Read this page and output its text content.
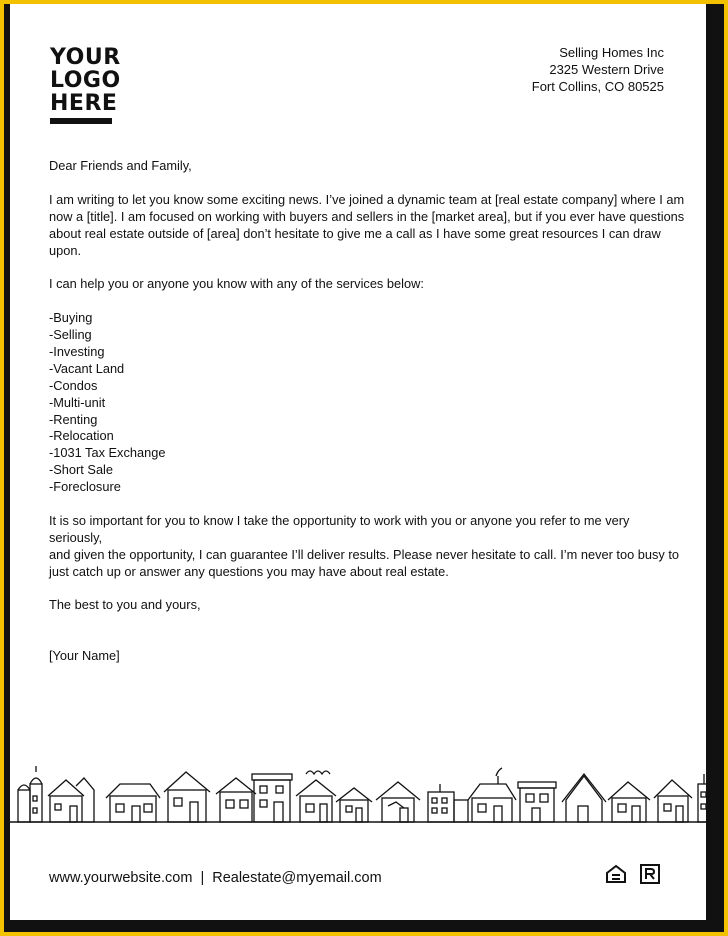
YOUR
LOGO
HERE
Selling Homes Inc
2325 Western Drive
Fort Collins, CO 80525

Dear Friends and Family,

I am writing to let you know some exciting news. I’ve joined a dynamic team at [real estate company] where I am now a [title]. I am focused on working with buyers and sellers in the [market area], but if you ever have questions about real estate outside of [area] don’t hesitate to give me a call as I have some great resources I can draw upon.

I can help you or anyone you know with any of the services below:

-Buying
-Selling
-Investing
-Vacant Land
-Condos
-Multi-unit
-Renting
-Relocation
-1031 Tax Exchange
-Short Sale
-Foreclosure

It is so important for you to know I take the opportunity to work with you or anyone you refer to me very seriously,
and given the opportunity, I can guarantee I’ll deliver results. Please never hesitate to call. I’m never too busy to just catch up or answer any questions you may have about real estate.

The best to you and yours,

[Your Name]

www.yourwebsite.com | Realestate@myemail.com
